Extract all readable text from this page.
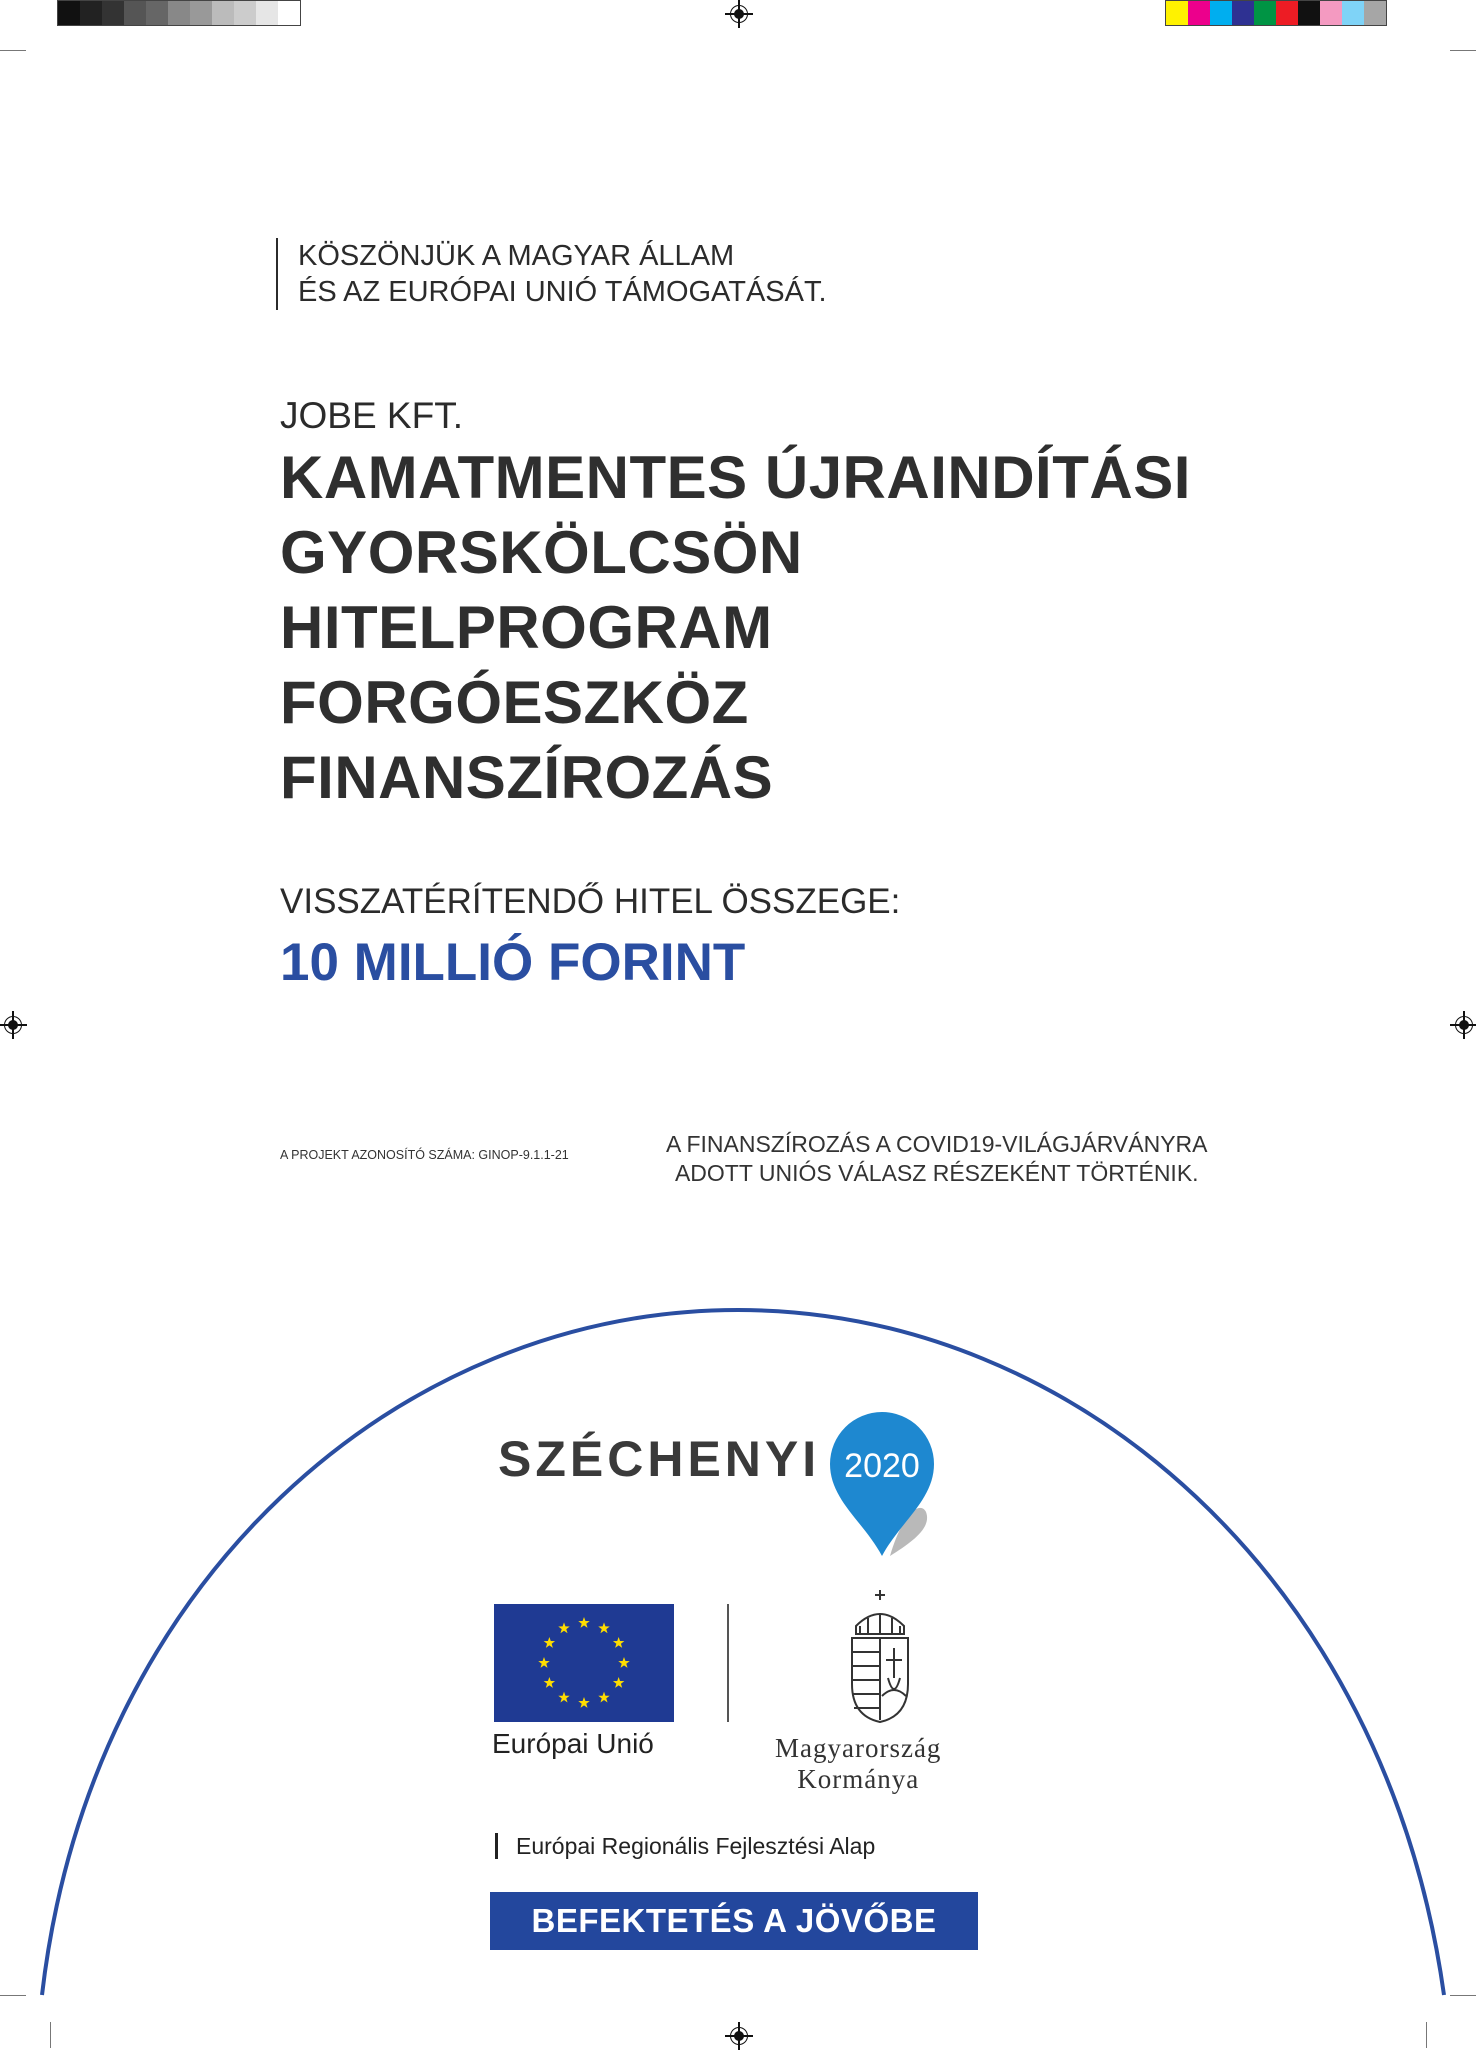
KÖSZÖNJÜK A MAGYAR ÁLLAM
ÉS AZ EURÓPAI UNIÓ TÁMOGATÁSÁT.
JOBE KFT.
KAMATMENTES ÚJRAINDÍTÁSI
GYORSKÖLCSÖN
HITELPROGRAM
FORGÓESZKÖZ
FINANSZÍROZÁS
VISSZATÉRÍTENDŐ HITEL ÖSSZEGE:
10 MILLIÓ FORINT
A PROJEKT AZONOSÍTÓ SZÁMA: GINOP-9.1.1-21	A FINANSZÍROZÁS A COVID19-VILÁGJÁRVÁNYRA
ADOTT UNIÓS VÁLASZ RÉSZEKÉNT TÖRTÉNIK.
SZÉCHENYI 2020
Európai Unió	Magyarország
Kormánya
Európai Regionális Fejlesztési Alap
BEFEKTETÉS A JÖVŐBE
